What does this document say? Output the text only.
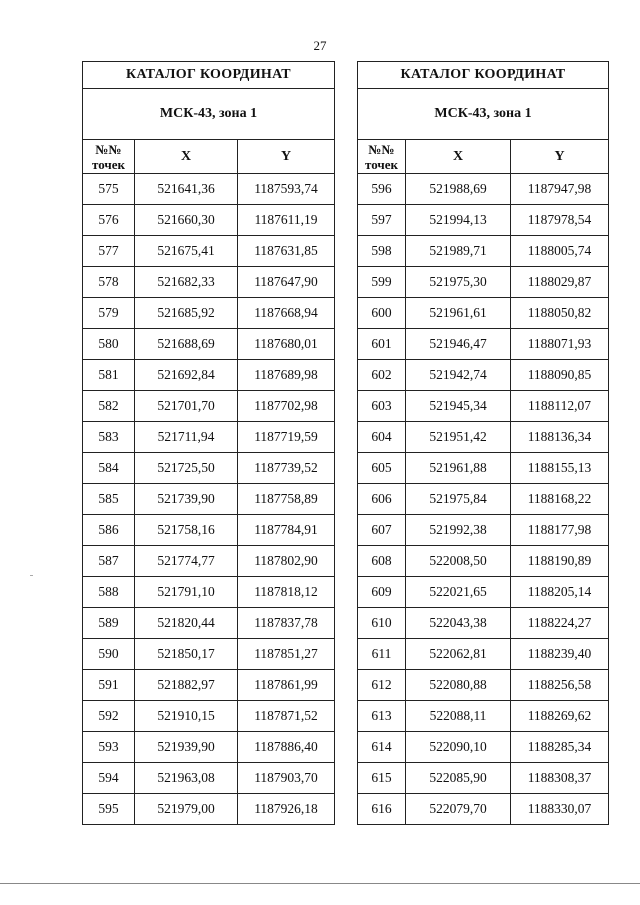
27
КАТАЛОГ КООРДИНАТ		
МСК-43, зона 1		
№№
точек	X	Y
575	521641,36	1187593,74
576	521660,30	1187611,19
577	521675,41	1187631,85
578	521682,33	1187647,90
579	521685,92	1187668,94
580	521688,69	1187680,01
581	521692,84	1187689,98
582	521701,70	1187702,98
583	521711,94	1187719,59
584	521725,50	1187739,52
585	521739,90	1187758,89
586	521758,16	1187784,91
587	521774,77	1187802,90
588	521791,10	1187818,12
589	521820,44	1187837,78
590	521850,17	1187851,27
591	521882,97	1187861,99
592	521910,15	1187871,52
593	521939,90	1187886,40
594	521963,08	1187903,70
595	521979,00	1187926,18
КАТАЛОГ КООРДИНАТ		
МСК-43, зона 1		
№№
точек	X	Y
596	521988,69	1187947,98
597	521994,13	1187978,54
598	521989,71	1188005,74
599	521975,30	1188029,87
600	521961,61	1188050,82
601	521946,47	1188071,93
602	521942,74	1188090,85
603	521945,34	1188112,07
604	521951,42	1188136,34
605	521961,88	1188155,13
606	521975,84	1188168,22
607	521992,38	1188177,98
608	522008,50	1188190,89
609	522021,65	1188205,14
610	522043,38	1188224,27
611	522062,81	1188239,40
612	522080,88	1188256,58
613	522088,11	1188269,62
614	522090,10	1188285,34
615	522085,90	1188308,37
616	522079,70	1188330,07
